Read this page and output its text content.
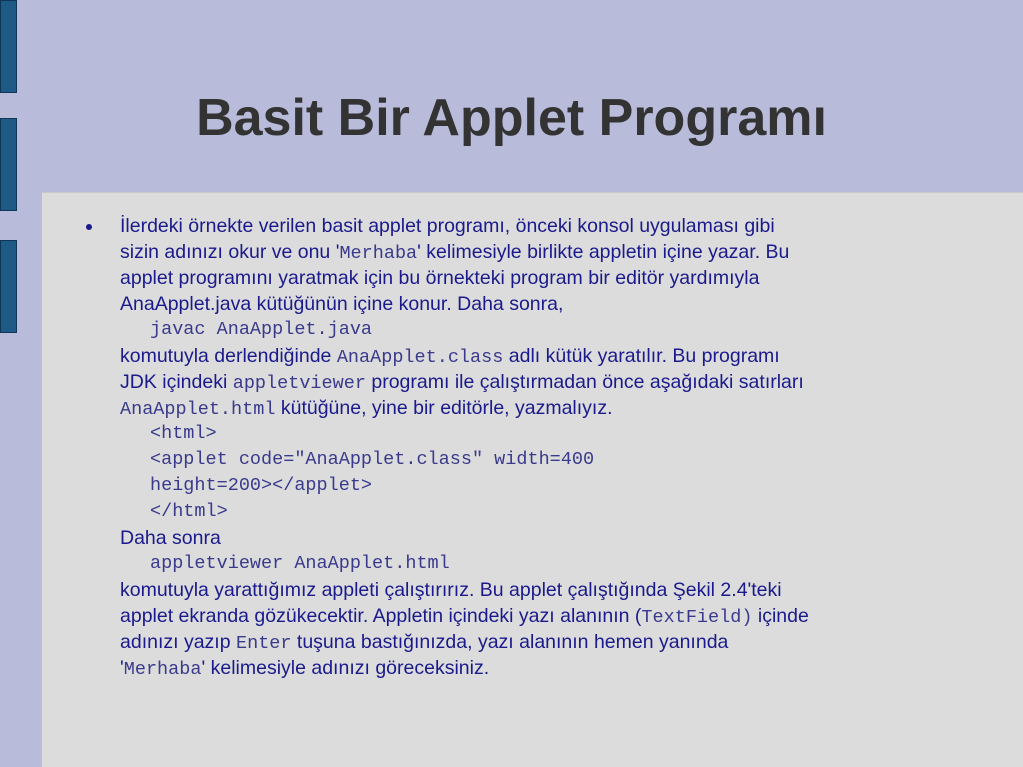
Basit Bir Applet Programı
İlerdeki örnekte verilen basit applet programı, önceki konsol uygulaması gibi
sizin adınızı okur ve onu 'Merhaba' kelimesiyle birlikte appletin içine yazar. Bu
applet programını yaratmak için bu örnekteki program bir editör yardımıyla
AnaApplet.java kütüğünün içine konur. Daha sonra,
javac AnaApplet.java
komutuyla derlendiğinde AnaApplet.class adlı kütük yaratılır. Bu programı
JDK içindeki appletviewer programı ile çalıştırmadan önce aşağıdaki satırları
AnaApplet.html kütüğüne, yine bir editörle, yazmalıyız.
<html>
<applet code="AnaApplet.class" width=400
height=200></applet>
</html>
Daha sonra
appletviewer AnaApplet.html
komutuyla yarattığımız appleti çalıştırırız. Bu applet çalıştığında Şekil 2.4'teki
applet ekranda gözükecektir. Appletin içindeki yazı alanının (TextField) içinde
adınızı yazıp Enter tuşuna bastığınızda, yazı alanının hemen yanında
'Merhaba' kelimesiyle adınızı göreceksiniz.
